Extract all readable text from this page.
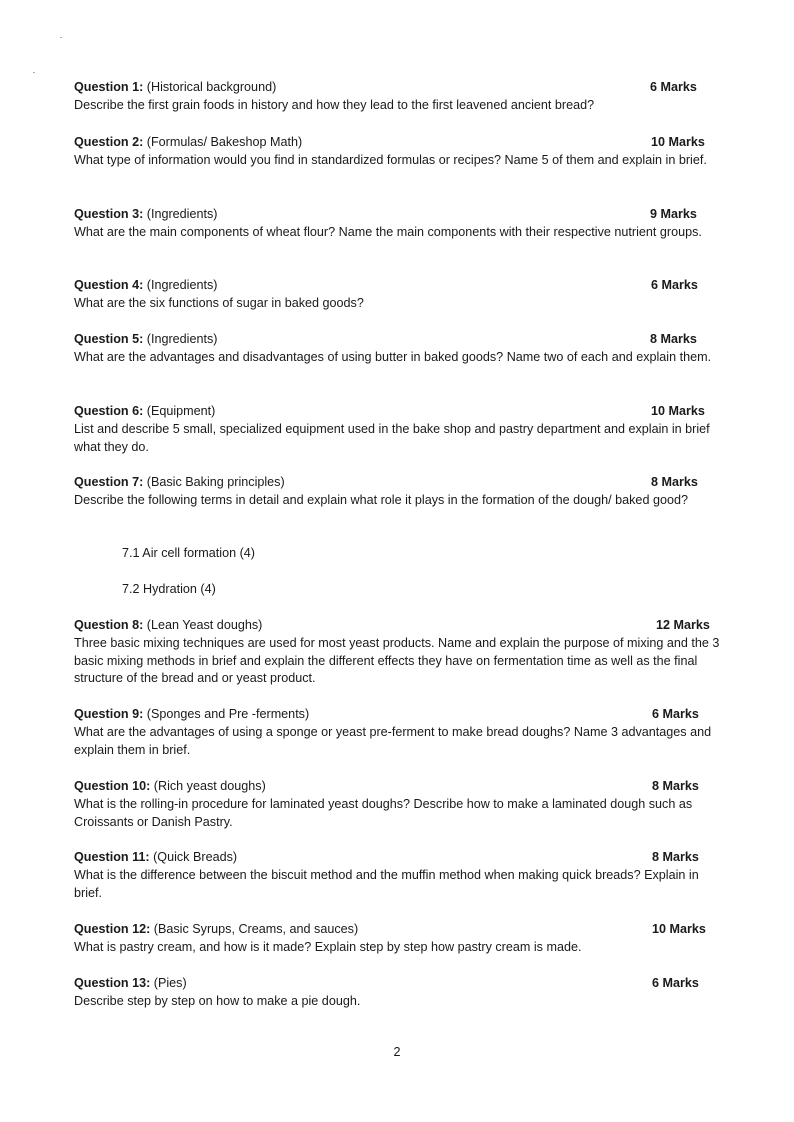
Question 1: (Historical background)	6 Marks

Describe the first grain foods in history and how they lead to the first leavened ancient bread?

Question 2: (Formulas/ Bakeshop Math)	10 Marks

What type of information would you find in standardized formulas or recipes? Name 5 of them and explain in brief.

Question 3: (Ingredients)	9 Marks

What are the main components of wheat flour? Name the main components with their respective nutrient groups.

Question 4: (Ingredients)	6 Marks

What are the six functions of sugar in baked goods?

Question 5: (Ingredients)	8 Marks

What are the advantages and disadvantages of using butter in baked goods? Name two of each and explain them.

Question 6: (Equipment)	10 Marks

List and describe 5 small, specialized equipment used in the bake shop and pastry department and explain in brief what they do.

Question 7: (Basic Baking principles)	8 Marks

Describe the following terms in detail and explain what role it plays in the formation of the dough/ baked good?

7.1 Air cell formation (4)
7.2 Hydration (4)
Question 8: (Lean Yeast doughs)	12 Marks

Three basic mixing techniques are used for most yeast products. Name and explain the purpose of mixing and the 3 basic mixing methods in brief and explain the different effects they have on fermentation time as well as the final structure of the bread and or yeast product.

Question 9: (Sponges and Pre -ferments)	6 Marks

What are the advantages of using a sponge or yeast pre-ferment to make bread doughs? Name 3 advantages and explain them in brief.

Question 10: (Rich yeast doughs)	8 Marks

What is the rolling-in procedure for laminated yeast doughs? Describe how to make a laminated dough such as Croissants or Danish Pastry.

Question 11: (Quick Breads)	8 Marks

What is the difference between the biscuit method and the muffin method when making quick breads? Explain in brief.

Question 12: (Basic Syrups, Creams, and sauces)	10 Marks

What is pastry cream, and how is it made? Explain step by step how pastry cream is made.

Question 13: (Pies)	6 Marks

Describe step by step on how to make a pie dough.

2
